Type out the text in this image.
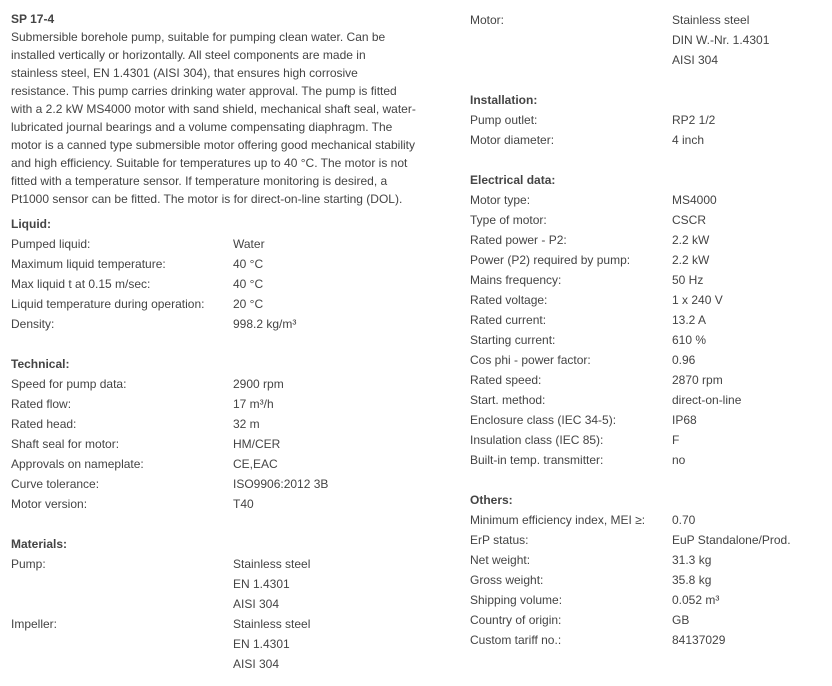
SP 17-4
Submersible borehole pump, suitable for pumping clean water. Can be
installed vertically or horizontally. All steel components are made in
stainless steel, EN 1.4301 (AISI 304), that ensures high corrosive
resistance. This pump carries drinking water approval. The pump is fitted
with a 2.2 kW MS4000 motor with sand shield, mechanical shaft seal, water-
lubricated journal bearings and a volume compensating diaphragm. The
motor is a canned type submersible motor offering good mechanical stability
and high efficiency. Suitable for temperatures up to 40 °C. The motor is not
fitted with a temperature sensor. If temperature monitoring is desired, a
Pt1000 sensor can be fitted. The motor is for direct-on-line starting (DOL).
Liquid:
Pumped liquid:	Water
Maximum liquid temperature:	40 °C
Max liquid t at 0.15 m/sec:	40 °C
Liquid temperature during operation:	20 °C
Density:	998.2 kg/m³
Technical:
Speed for pump data:	2900 rpm
Rated flow:	17 m³/h
Rated head:	32 m
Shaft seal for motor:	HM/CER
Approvals on nameplate:	CE,EAC
Curve tolerance:	ISO9906:2012 3B
Motor version:	T40
Materials:
Pump:	Stainless steel
EN 1.4301
AISI 304
Impeller:	Stainless steel
EN 1.4301
AISI 304
Motor:	Stainless steel
DIN W.-Nr. 1.4301
AISI 304
Installation:
Pump outlet:	RP2 1/2
Motor diameter:	4 inch
Electrical data:
Motor type:	MS4000
Type of motor:	CSCR
Rated power - P2:	2.2 kW
Power (P2) required by pump:	2.2 kW
Mains frequency:	50 Hz
Rated voltage:	1 x 240 V
Rated current:	13.2 A
Starting current:	610 %
Cos phi - power factor:	0.96
Rated speed:	2870 rpm
Start. method:	direct-on-line
Enclosure class (IEC 34-5):	IP68
Insulation class (IEC 85):	F
Built-in temp. transmitter:	no
Others:
Minimum efficiency index, MEI ≥:	0.70
ErP status:	EuP Standalone/Prod.
Net weight:	31.3 kg
Gross weight:	35.8 kg
Shipping volume:	0.052 m³
Country of origin:	GB
Custom tariff no.:	84137029
